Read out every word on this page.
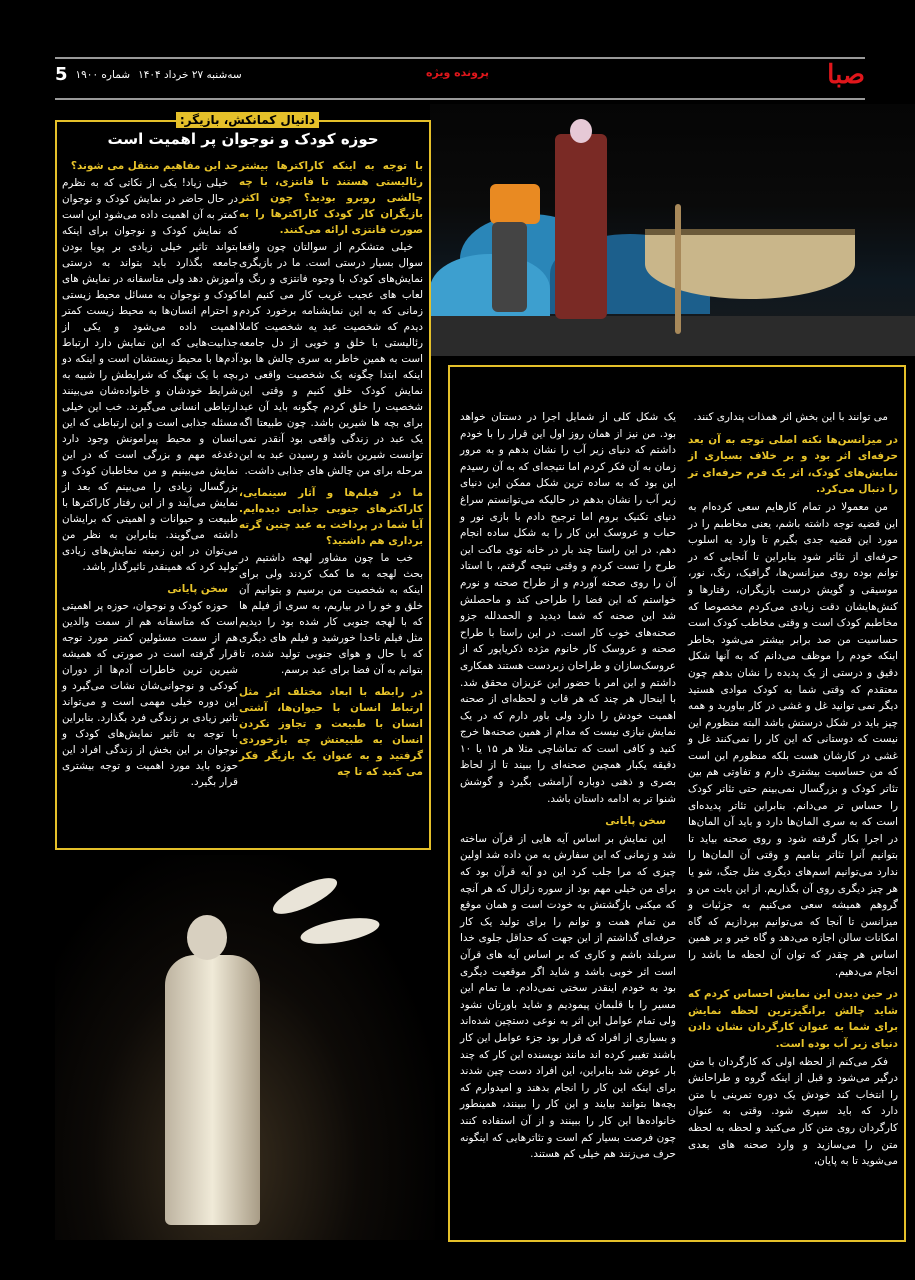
صبا
پرونده ویژه
سه‌شنبه ۲۷ خرداد ۱۴۰۴
شماره ۱۹۰۰
5
دانیال کمانکش، بازیگر:
حوزه کودک و نوجوان پر اهمیت است

با توجه به اینکه کاراکترها بیشتر رئالیستی هستند تا فانتزی، با چه چالشی روبرو بودید؟ چون اکثر بازیگران کار کودک کاراکترها را به صورت فانتزی ارائه می‌کنند.

خیلی متشکرم از سوالتان چون واقعا سوال بسیار درستی است. ما در بازیگری نمایش‌های کودک با وجوه فانتزی و رنگ و لعاب های عجیب غریب کار می کنیم اما زمانی که به این نمایشنامه برخورد کردم دیدم که شخصیت عبد یه شخصیت کاملا رئالیستی با خلق و خویی از دل جامعه است به همین خاطر به سری چالش ها بود اینکه ابتدا چگونه یک شخصیت واقعی در نمایش کودک خلق کنیم و وقتی این شخصیت را خلق کردم چگونه باید آن عبد برای بچه ها شیرین باشد. چون طبیعتا اگه یک عبد در زندگی واقعی بود آنقدر نمی توانست شیرین باشد و رسیدن عبد به این مرحله برای من چالش های جذابی داشت.

ما در فیلم‌ها و آثار سینمایی، کاراکترهای جنوبی جذابی دیده‌ایم. آیا شما در پرداخت به عبد چنین گرته برداری هم داشتید؟

خب ما چون مشاور لهجه داشتیم در بحث لهجه به ما کمک کردند ولی برای اینکه به شخصیت من برسیم و بتوانیم آن خلق و خو را در بیاریم، به سری از فیلم ها که با لهجه جنوبی کار شده بود را دیدیم مثل فیلم ناخدا خورشید و فیلم های دیگری که با حال و هوای جنوبی تولید شده، تا بتوانم به آن فضا برای عبد برسم.

در رابطه با ابعاد مختلف اثر مثل ارتباط انسان با حیوان‌ها، آشتی انسان با طبیعت و تجاوز نکردن انسان به طبیعتش چه بازخوردی گرفتید و به عنوان یک بازیگر فکر می کنید که تا چه

حد این مفاهیم منتقل می شوند؟

خیلی زیاد! یکی از نکاتی که به نظرم در حال حاضر در نمایش کودک و نوجوان کمتر به آن اهمیت داده می‌شود این است که نمایش کودک و نوجوان برای اینکه بتواند تاثیر خیلی زیادی بر پویا بودن جامعه بگذارد باید بتواند به درستی آموزش دهد ولی متاسفانه در نمایش های کودک و نوجوان به مسائل محیط زیستی و احترام انسان‌ها به محیط زیست کمتر اهمیت داده می‌شود و یکی از جذابیت‌هایی که این نمایش دارد ارتباط آدم‌ها با محیط زیستشان است و اینکه دو بچه با یک نهنگ که شرایطش را شبیه به شرایط خودشان و خانواده‌شان می‌بینند ارتباطی انسانی می‌گیرند. خب این خیلی مسئله جذابی است و این ارتباطی که این انسان و محیط پیرامونش وجود دارد دغدغه مهم و بزرگی است که در این نمایش می‌بینیم و من مخاطبان کودک و بزرگسال زیادی را می‌بینم که بعد از نمایش می‌آیند و از این رفتار کاراکترها با طبیعت و حیوانات و اهمیتی که برایشان داشته می‌گویند. بنابراین به نظر من می‌توان در این زمینه نمایش‌های زیادی تولید کرد که همینقدر تاثیرگذار باشد.

سخن پایانی

حوزه کودک و نوجوان، حوزه پر اهمیتی است که متاسفانه هم از سمت والدین هم از سمت مسئولین کمتر مورد توجه قرار گرفته است در صورتی که همیشه شیرین ترین خاطرات آدم‌ها از دوران کودکی و نوجوانی‌شان نشات می‌گیرد و این دوره خیلی مهمی است و می‌تواند تاثیر زیادی بر زندگی فرد بگذارد. بنابراین با توجه به تاثیر نمایش‌های کودک و نوجوان بر این بخش از زندگی افراد این حوزه باید مورد اهمیت و توجه بیشتری قرار بگیرد.

می توانند با این بخش اثر همذات پنداری کنند.

در میزانسن‌ها نکته اصلی توجه به آن بعد حرفه‌ای اثر بود و بر خلاف بسیاری از نمایش‌های کودک، اثر یک فرم حرفه‌ای تر را دنبال می‌کرد.

من معمولا در تمام کارهایم سعی کرده‌ام به این قضیه توجه داشته باشم، یعنی مخاطبم را در مورد این قضیه جدی بگیرم تا وارد یه اسلوب حرفه‌ای از تئاتر شود بنابراین تا آنجایی که در توانم بوده روی میزانسن‌ها، گرافیک، رنگ، نور، موسیقی و گویش درست بازیگران، رفتارها و کنش‌هایشان دقت زیادی می‌کردم مخصوصا که مخاطبم کودک است و وقتی مخاطب کودک است حساسیت من صد برابر بیشتر می‌شود بخاطر اینکه خودم را موظف می‌دانم که به آنها شکل دقیق و درستی از یک پدیده را نشان بدهم چون معتقدم که وقتی شما به کودک موادی هستید دیگر نمی توانید غل و غشی در کار بیاورید و همه چیز باید در شکل درستش باشد البته منظورم این نیست که دوستانی که این کار را نمی‌کنند غل و غشی در کارشان هست بلکه منظورم این است که من حساسیت بیشتری دارم و تفاوتی هم بین تئاتر کودک و بزرگسال نمی‌بینم حتی تئاتر کودک را حساس تر می‌دانم. بنابراین تئاتر پدیده‌ای است که به سری المان‌ها دارد و باید آن المان‌ها در اجرا بکار گرفته شود و روی صحنه بیاید تا بتوانیم آنرا تئاتر بنامیم و وقتی آن المان‌ها را ندارد می‌توانیم اسم‌های دیگری مثل جنگ، شو یا هر چیز دیگری روی آن بگذاریم. از این بابت من و گروهم همیشه سعی می‌کنیم به جزئیات و میزانسن تا آنجا که می‌توانیم بپردازیم که گاه امکانات سالن اجازه می‌دهد و گاه خیر و بر همین اساس هر چقدر که توان آن لحظه ما باشد را انجام می‌دهیم.

در حین دیدن این نمایش احساس کردم که شاید چالش برانگیزترین لحظه نمایش برای شما به عنوان کارگردان نشان دادن دنیای زیر آب بوده است.

فکر می‌کنم از لحظه اولی که کارگردان با متن درگیر می‌شود و قبل از اینکه گروه و طراحانش را انتخاب کند خودش یک دوره تمرینی با متن دارد که باید سپری شود. وقتی به عنوان کارگردان روی متن کار می‌کنید و لحظه به لحظه متن را می‌سازید و وارد صحنه های بعدی می‌شوید تا به پایان،

یک شکل کلی از شمایل اجرا در دستتان خواهد بود. من نیز از همان روز اول این قرار را با خودم داشتم که دنیای زیر آب را نشان بدهم و به مرور زمان به آن فکر کردم اما نتیجه‌ای که به آن رسیدم این بود که به ساده ترین شکل ممکن این دنیای زیر آب را نشان بدهم در حالیکه می‌توانستم سراغ دنیای تکنیک بروم اما ترجیح دادم با بازی نور و حباب و عروسک این کار را به شکل ساده انجام دهم. در این راستا چند بار در خانه توی ماکت این طرح را تست کردم و وقتی نتیجه گرفتم، با استاد آن را روی صحنه آوردم و از طراح صحنه و نورم خواستم که این فضا را طراحی کند و ماحصلش شد این صحنه که شما دیدید و الحمدلله جزو صحنه‌های خوب کار است. در این راستا با طراح صحنه و عروسک کار خانوم مژده ذکریاپور که از عروسک‌سازان و طراحان زبردست هستند همکاری داشتم و این امر با حضور این عزیزان محقق شد. با اینحال هر چند که هر قاب و لحظه‌ای از صحنه اهمیت خودش را دارد ولی باور دارم که در یک نمایش نیازی نیست که مدام از همین صحنه‌ها خرج کنید و کافی است که تماشاچی مثلا هر ۱۵ یا ۱۰ دقیقه یکبار همچین صحنه‌ای را ببیند تا از لحاظ بصری و ذهنی دوباره آرامشی بگیرد و گوشش شنوا تر به ادامه داستان باشد.

سخن پایانی

این نمایش بر اساس آیه هایی از قرآن ساخته شد و زمانی که این سفارش به من داده شد اولین چیزی که مرا جلب کرد این دو آیه قرآن بود که برای من خیلی مهم بود از سوره زلزال که هر آنچه که میکنی بازگشتش به خودت است و همان موقع من تمام همت و توانم را برای تولید یک کار حرفه‌ای گذاشتم از این جهت که حداقل جلوی خدا سربلند باشم و کاری که بر اساس آیه های قرآن است اثر خوبی باشد و شاید اگر موقعیت دیگری بود به خودم اینقدر سختی نمی‌دادم. ما تمام این مسیر را با قلبمان پیمودیم و شاید باورتان نشود ولی تمام عوامل این اثر به نوعی دستچین شده‌اند و بسیاری از افراد که قرار بود جزء عوامل این کار باشند تغییر کرده اند مانند نویسنده این کار که چند بار عوض شد بنابراین، این افراد دست چین شدند برای اینکه این کار را انجام بدهند و امیدوارم که بچه‌ها بتوانند بیایند و این کار را ببینند، همینطور خانواده‌ها این کار را ببینند و از آن استفاده کنند چون فرصت بسیار کم است و تئاترهایی که اینگونه حرف می‌زنند هم خیلی کم هستند.
